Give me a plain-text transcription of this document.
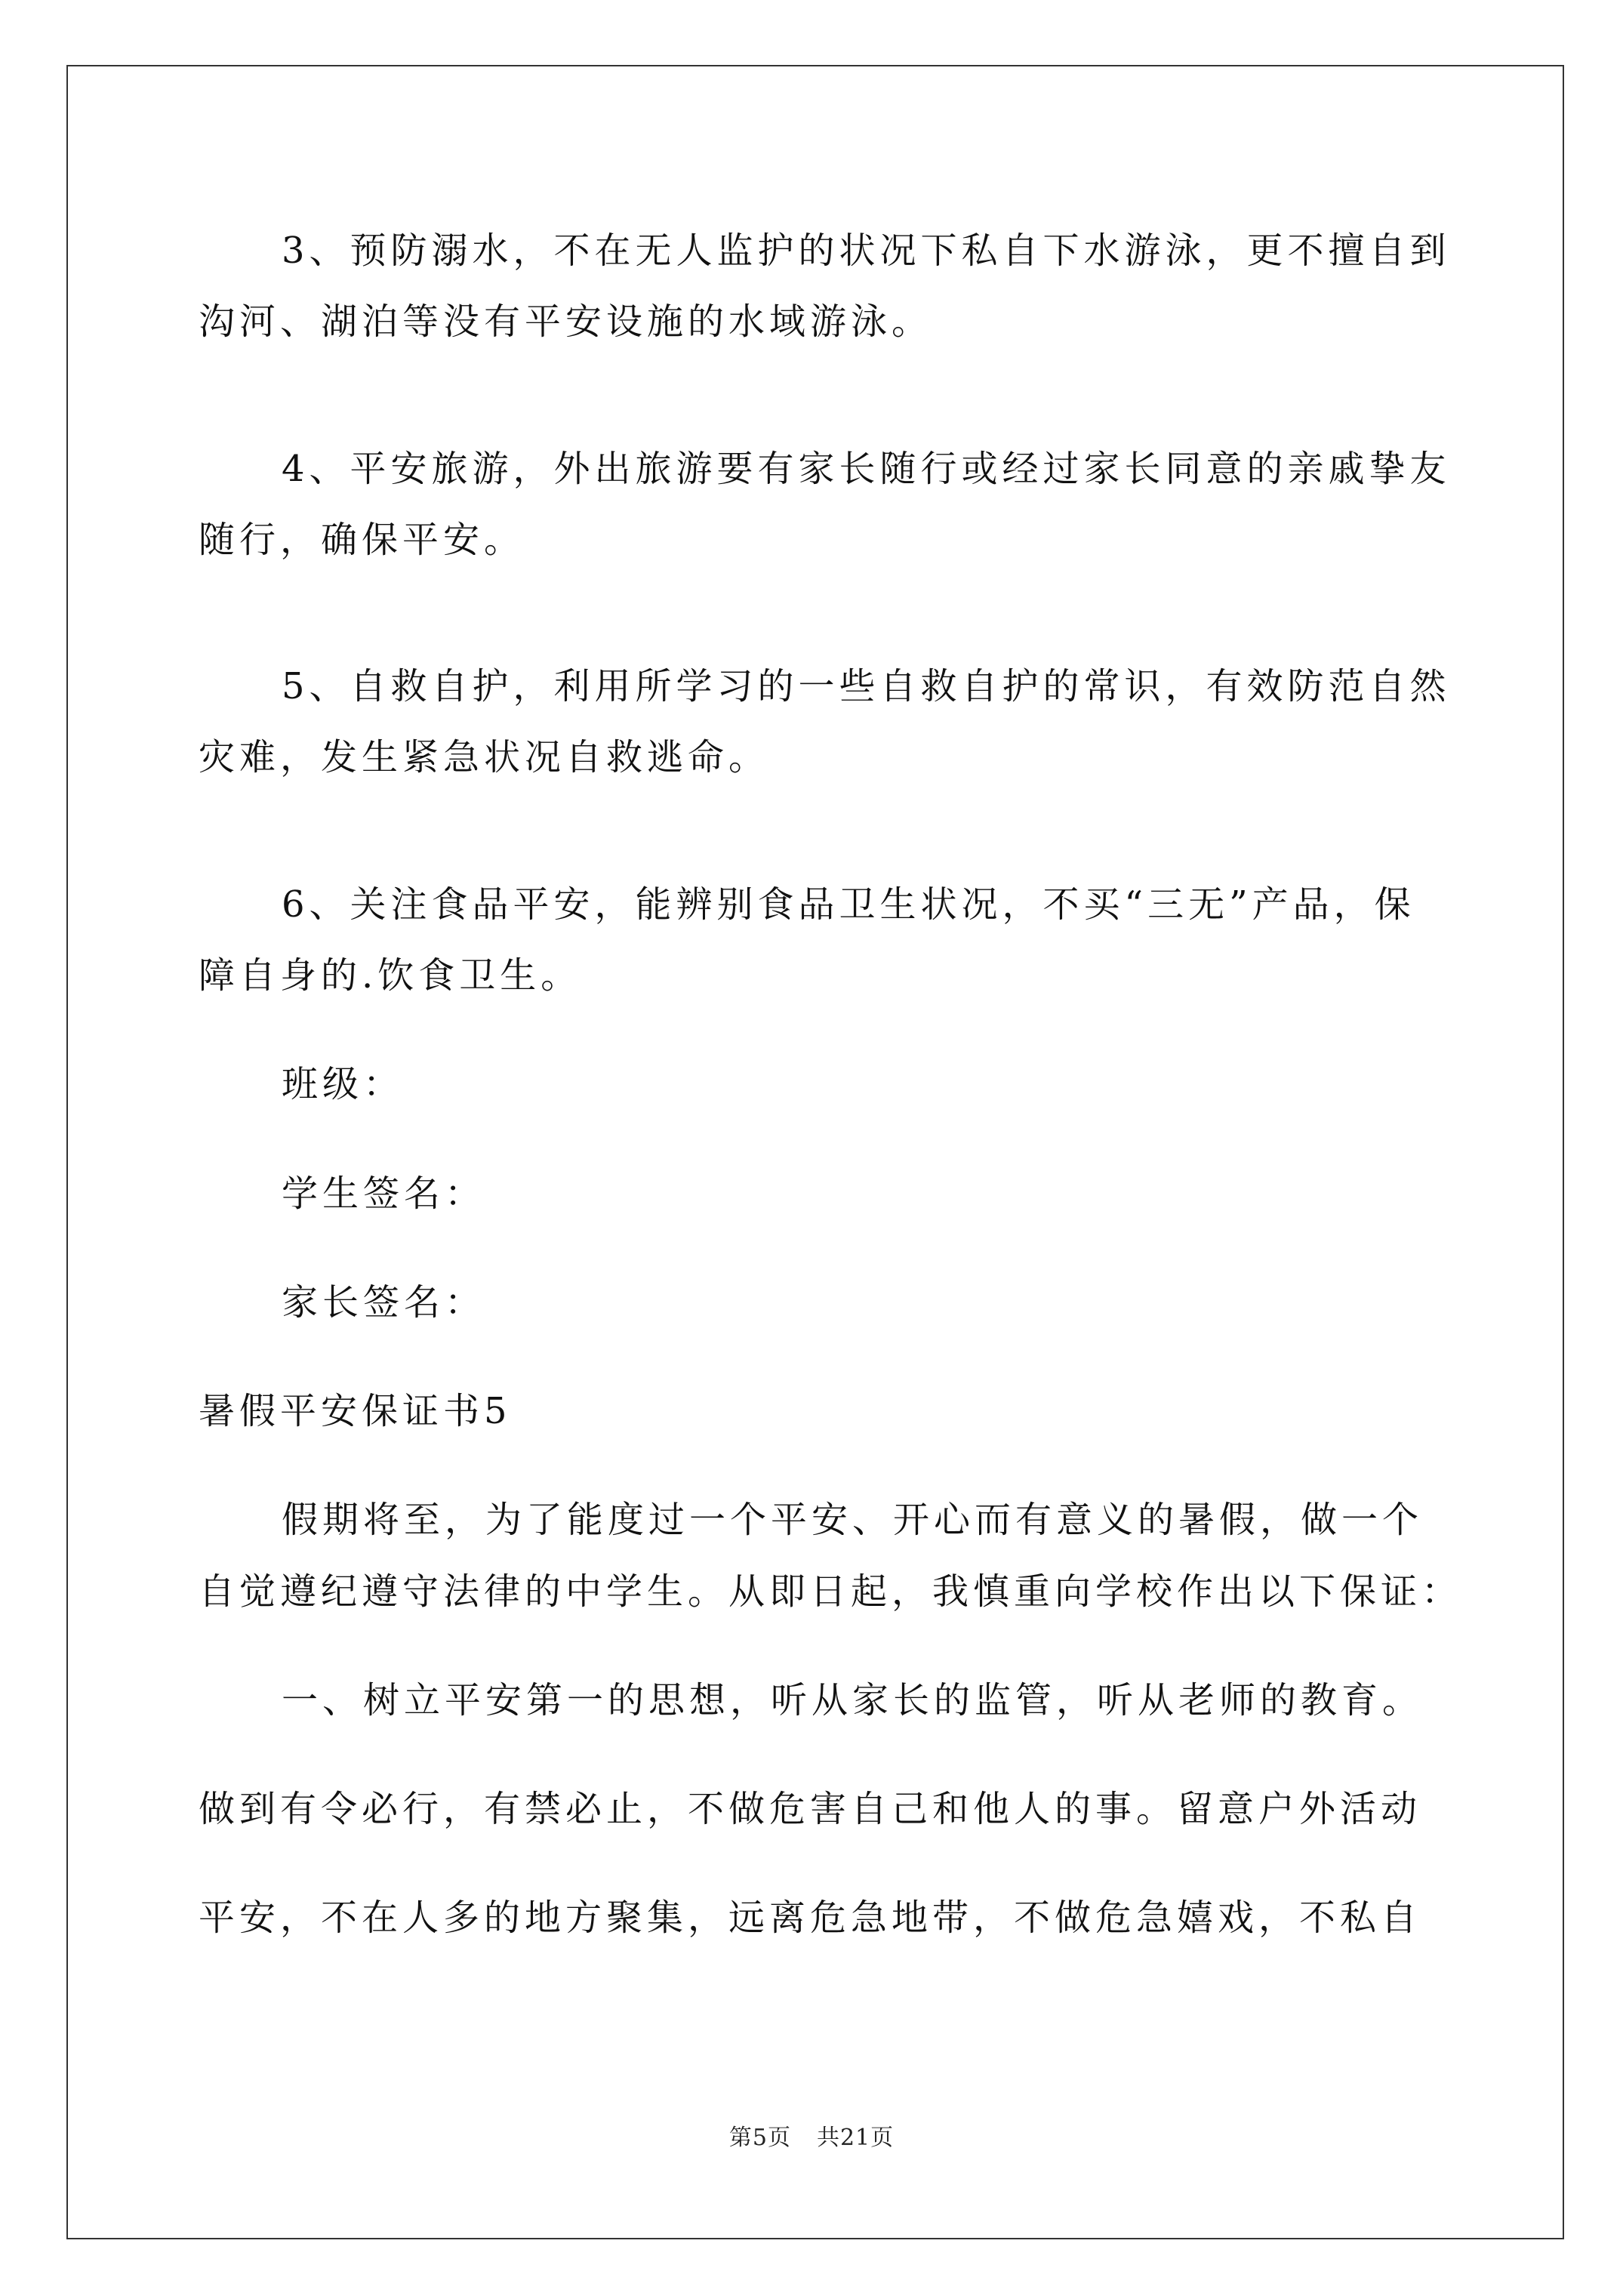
3、预防溺水，不在无人监护的状况下私自下水游泳，更不擅自到
沟河、湖泊等没有平安设施的水域游泳。
4、平安旅游，外出旅游要有家长随行或经过家长同意的亲戚挚友
随行，确保平安。
5、自救自护，利用所学习的一些自救自护的常识，有效防范自然
灾难，发生紧急状况自救逃命。
6、关注食品平安，能辨别食品卫生状况，不买“三无”产品，保
障自身的.饮食卫生。
班级：
学生签名：
家长签名：
暑假平安保证书5
假期将至，为了能度过一个平安、开心而有意义的暑假，做一个
自觉遵纪遵守法律的中学生。从即日起，我慎重向学校作出以下保证：
一、树立平安第一的思想，听从家长的监管，听从老师的教育。
做到有令必行，有禁必止，不做危害自己和他人的事。留意户外活动
平安，不在人多的地方聚集，远离危急地带，不做危急嬉戏，不私自
第5页 共21页
